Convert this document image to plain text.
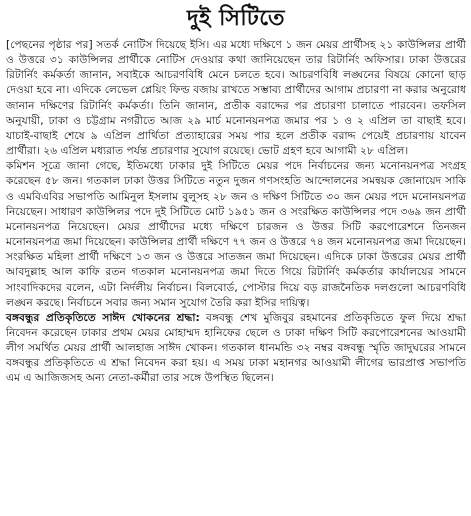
দুই সিটিতে

[পেছনের পৃষ্ঠার পর] সতর্ক নোটিস দিয়েছে ইসি। এর মধ্যে দক্ষিণে ১ জন মেয়র প্রার্থীসহ ২১ কাউন্সিলর প্রার্থী ও উত্তরে ৩১ কাউন্সিলর প্রার্থীকে নোটিস দেওয়ার কথা জানিয়েছেন তার রিটার্নিং অফিসার। ঢাকা উত্তরের রিটার্নিং কর্মকর্তা জানান, সবাইকে আচরণবিধি মেনে চলতে হবে। আচরণবিধি লঙ্ঘনের বিষয়ে কোনো ছাড় দেওয়া হবে না। এদিকে লেভেল প্লেয়িং ফিল্ড বজায় রাখতে সম্ভাব্য প্রার্থীদের আগাম প্রচারণা না করার অনুরোধ জানান দক্ষিণের রিটার্নিং কর্মকর্তা। তিনি জানান, প্রতীক বরাদ্দের পর প্রচারণা চালাতে পারবেন। তফসিল অনুযায়ী, ঢাকা ও চট্টগ্রাম নগরীতে আজ ২৯ মার্চ মনোনয়নপত্র জমার পর ১ ও ২ এপ্রিল তা বাছাই হবে। যাচাই-বাছাই শেষে ৯ এপ্রিল প্রার্থিতা প্রত্যাহারের সময় পার হলে প্রতীক বরাদ্দ পেয়েই প্রচারণায় যাবেন প্রার্থীরা। ২৬ এপ্রিল মধ্যরাত পর্যন্ত প্রচারণার সুযোগ রয়েছে। ভোট গ্রহণ হবে আগামী ২৮ এপ্রিল।

কমিশন সূত্রে জানা গেছে, ইতিমধ্যে ঢাকার দুই সিটিতে মেয়র পদে নির্বাচনের জন্য মনোনয়নপত্র সংগ্রহ করেছেন ৫৮ জন। গতকাল ঢাকা উত্তর সিটিতে নতুন দুজন গণসংহতি আন্দোলনের সমন্বয়ক জোনায়েদ সাকি ও এমবিএবির সভাপতি আমিনুল ইসলাম বুলুসহ ২৮ জন ও দক্ষিণ সিটিতে ৩০ জন মেয়র পদে মনোনয়নপত্র নিয়েছেন। সাধারণ কাউন্সিলর পদে দুই সিটিতে মোট ১৯৫১ জন ও সংরক্ষিত কাউন্সিলর পদে ৩৬৯ জন প্রার্থী মনোনয়নপত্র নিয়েছেন। মেয়র প্রার্থীদের মধ্যে দক্ষিণে চারজন ও উত্তর সিটি করপোরেশনে তিনজন মনোনয়নপত্র জমা দিয়েছেন। কাউন্সিলর প্রার্থী দক্ষিণে ৭৭ জন ও উত্তরে ৭৪ জন মনোনয়নপত্র জমা দিয়েছেন। সংরক্ষিত মহিলা প্রার্থী দক্ষিণে ১৩ জন ও উত্তরে সাতজন জমা দিয়েছেন। এদিকে ঢাকা উত্তরের মেয়র প্রার্থী আবদুল্লাহ আল কাফি রতন গতকাল মনোনয়নপত্র জমা দিতে গিয়ে রিটার্নিং কর্মকর্তার কার্যালয়ের সামনে সাংবাদিকদের বলেন, এটা নির্দলীয় নির্বাচন। বিলবোর্ড, পোস্টার দিয়ে বড় রাজনৈতিক দলগুলো আচরণবিধি লঙ্ঘন করছে। নির্বাচনে সবার জন্য সমান সুযোগ তৈরি করা ইসির দায়িত্ব।

বঙ্গবন্ধুর প্রতিকৃতিতে সাঈদ খোকনের শ্রদ্ধা: বঙ্গবন্ধু শেখ মুজিবুর রহমানের প্রতিকৃতিতে ফুল দিয়ে শ্রদ্ধা নিবেদন করেছেন ঢাকার প্রথম মেয়র মোহাম্মদ হানিফের ছেলে ও ঢাকা দক্ষিণ সিটি করপোরেশনের আওয়ামী লীগ সমর্থিত মেয়র প্রার্থী আলহাজ সাঈদ খোকন। গতকাল ধানমন্ডি ৩২ নম্বর বঙ্গবন্ধু স্মৃতি জাদুঘরের সামনে বঙ্গবন্ধুর প্রতিকৃতিতে এ শ্রদ্ধা নিবেদন করা হয়। এ সময় ঢাকা মহানগর আওয়ামী লীগের ভারপ্রাপ্ত সভাপতি এম এ আজিজসহ অন্য নেতা-কর্মীরা তার সঙ্গে উপস্থিত ছিলেন।
